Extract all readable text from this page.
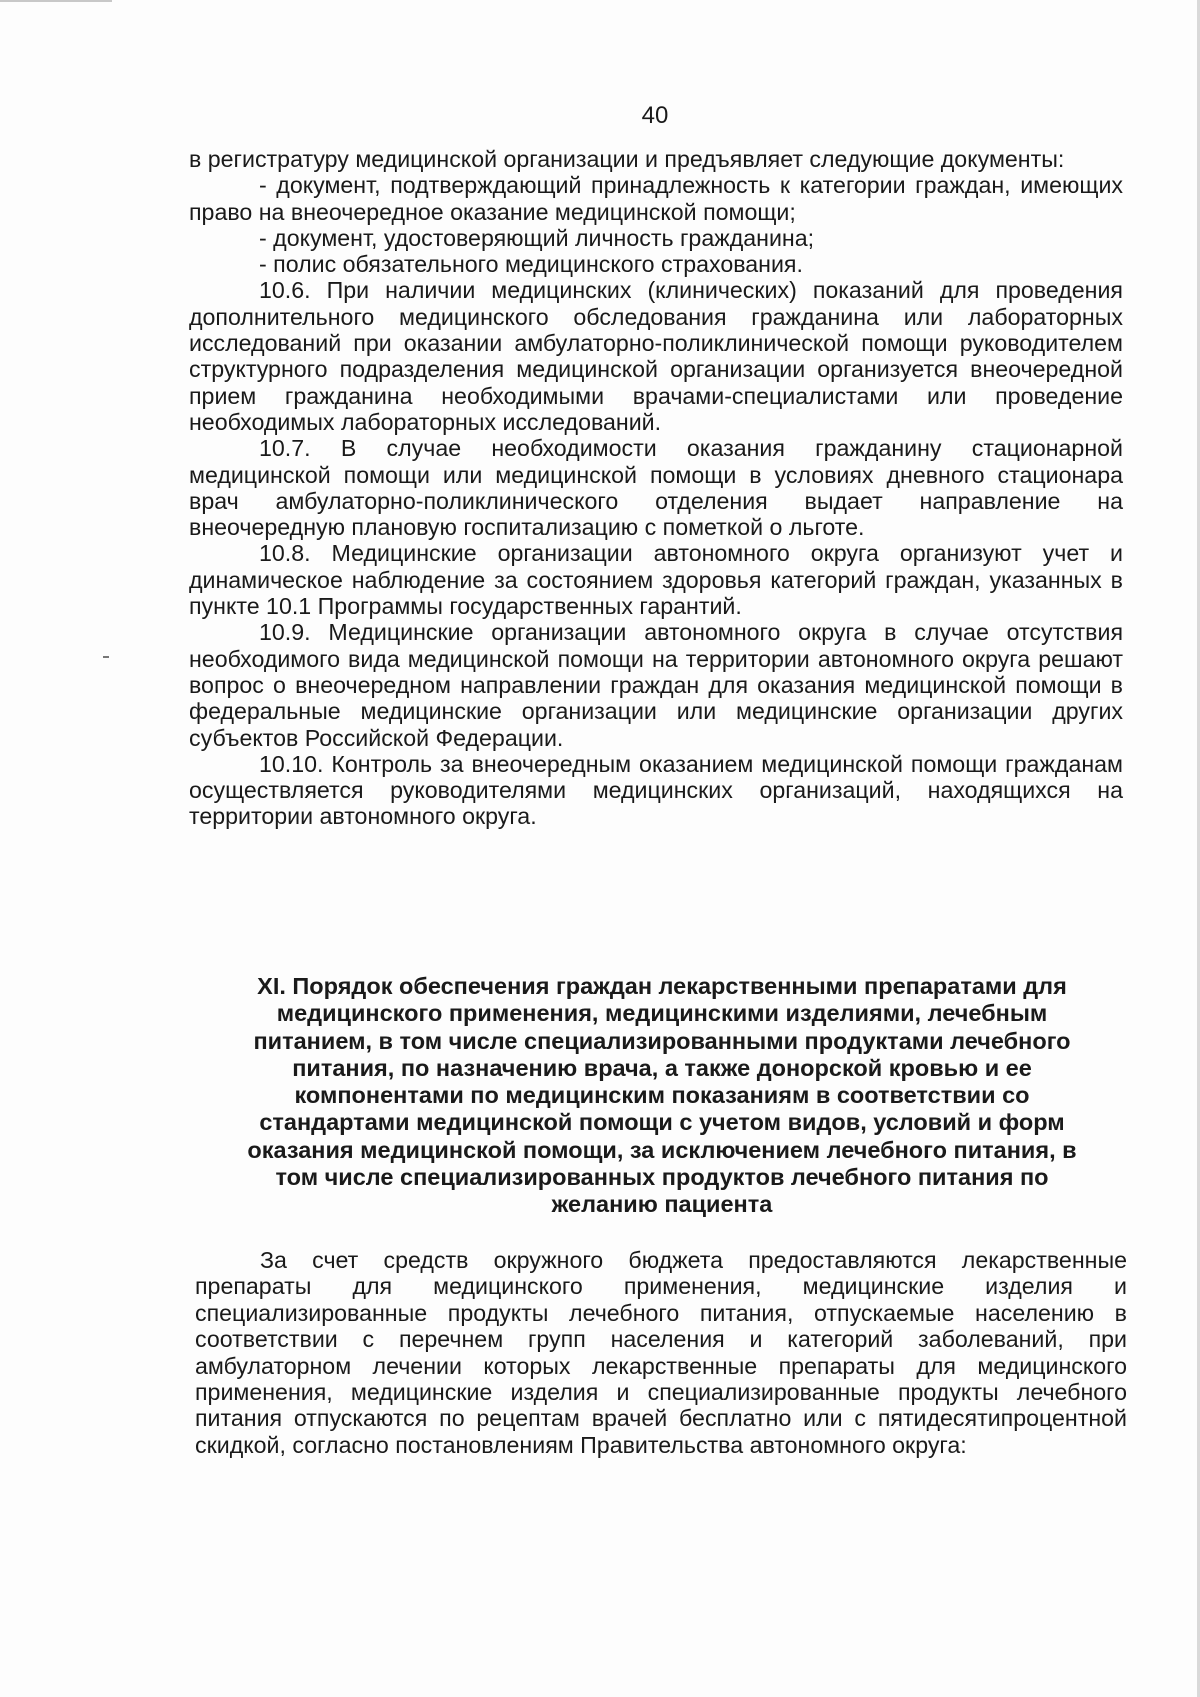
40

в регистратуру медицинской организации и предъявляет следующие документы:

- документ, подтверждающий принадлежность к категории граждан, имеющих право на внеочередное оказание медицинской помощи;

- документ, удостоверяющий личность гражданина;

- полис обязательного медицинского страхования.

10.6. При наличии медицинских (клинических) показаний для проведения дополнительного медицинского обследования гражданина или лабораторных исследований при оказании амбулаторно-поликлинической помощи руководителем структурного подразделения медицинской организации организуется внеочередной прием гражданина необходимыми врачами-специалистами или проведение необходимых лабораторных исследований.

10.7. В случае необходимости оказания гражданину стационарной медицинской помощи или медицинской помощи в условиях дневного стационара врач амбулаторно-поликлинического отделения выдает направление на внеочередную плановую госпитализацию с пометкой о льготе.

10.8. Медицинские организации автономного округа организуют учет и динамическое наблюдение за состоянием здоровья категорий граждан, указанных в пункте 10.1 Программы государственных гарантий.

10.9. Медицинские организации автономного округа в случае отсутствия необходимого вида медицинской помощи на территории автономного округа решают вопрос о внеочередном направлении граждан для оказания медицинской помощи в федеральные медицинские организации или медицинские организации других субъектов Российской Федерации.

10.10. Контроль за внеочередным оказанием медицинской помощи гражданам осуществляется руководителями медицинских организаций, находящихся на территории автономного округа.

XI. Порядок обеспечения граждан лекарственными препаратами для

медицинского применения, медицинскими изделиями, лечебным

питанием, в том числе специализированными продуктами лечебного

питания, по назначению врача, а также донорской кровью и ее

компонентами по медицинским показаниям в соответствии со

стандартами медицинской помощи с учетом видов, условий и форм

оказания медицинской помощи, за исключением лечебного питания, в

том числе специализированных продуктов лечебного питания по

желанию пациента

За счет средств окружного бюджета предоставляются лекарственные препараты для медицинского применения, медицинские изделия и специализированные продукты лечебного питания, отпускаемые населению в соответствии с перечнем групп населения и категорий заболеваний, при амбулаторном лечении которых лекарственные препараты для медицинского применения, медицинские изделия и специализированные продукты лечебного питания отпускаются по рецептам врачей бесплатно или с пятидесятипроцентной скидкой, согласно постановлениям Правительства автономного округа:
